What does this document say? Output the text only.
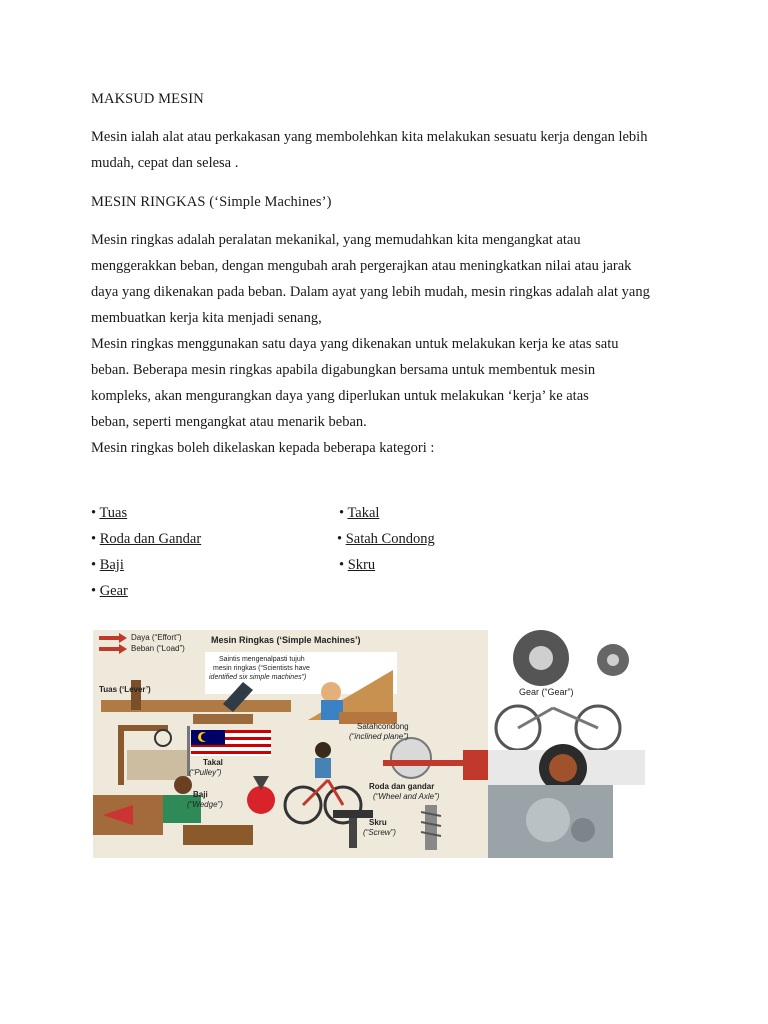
MAKSUD MESIN
Mesin ialah alat atau perkakasan yang membolehkan kita melakukan sesuatu kerja dengan lebih
mudah, cepat dan selesa .
MESIN RINGKAS (‘Simple Machines’)
Mesin ringkas adalah peralatan mekanikal, yang memudahkan kita mengangkat atau
menggerakkan beban, dengan mengubah arah pergerajkan atau meningkatkan nilai atau jarak
daya yang dikenakan pada beban. Dalam ayat yang lebih mudah, mesin ringkas adalah alat yang
membuatkan kerja kita menjadi senang,
Mesin ringkas menggunakan satu daya yang dikenakan untuk melakukan kerja ke atas satu
beban. Beberapa mesin ringkas apabila digabungkan bersama untuk membentuk mesin
kompleks, akan mengurangkan daya yang diperlukan untuk melakukan ‘kerja’ ke atas
beban, seperti mengangkat atau menarik beban.
Mesin ringkas boleh dikelaskan kepada beberapa kategori :
• Tuas
• Roda dan Gandar
• Baji
• Gear
• Takal
• Satah Condong
• Skru
Daya (“Effort”)
Beban (“Load”)
Mesin Ringkas (‘Simple Machines’)
Saintis mengenalpasti tujuh
mesin ringkas (“Scientists have
identified six simple machines”)
Tuas (‘Lever’)
Satahcondong
(“inclined plane”)
Takal
(“Pulley”)
Baji
(“Wedge”)
Roda dan gandar
(“Wheel and Axle”)
Skru
(“Screw”)
Gear (“Gear”)
